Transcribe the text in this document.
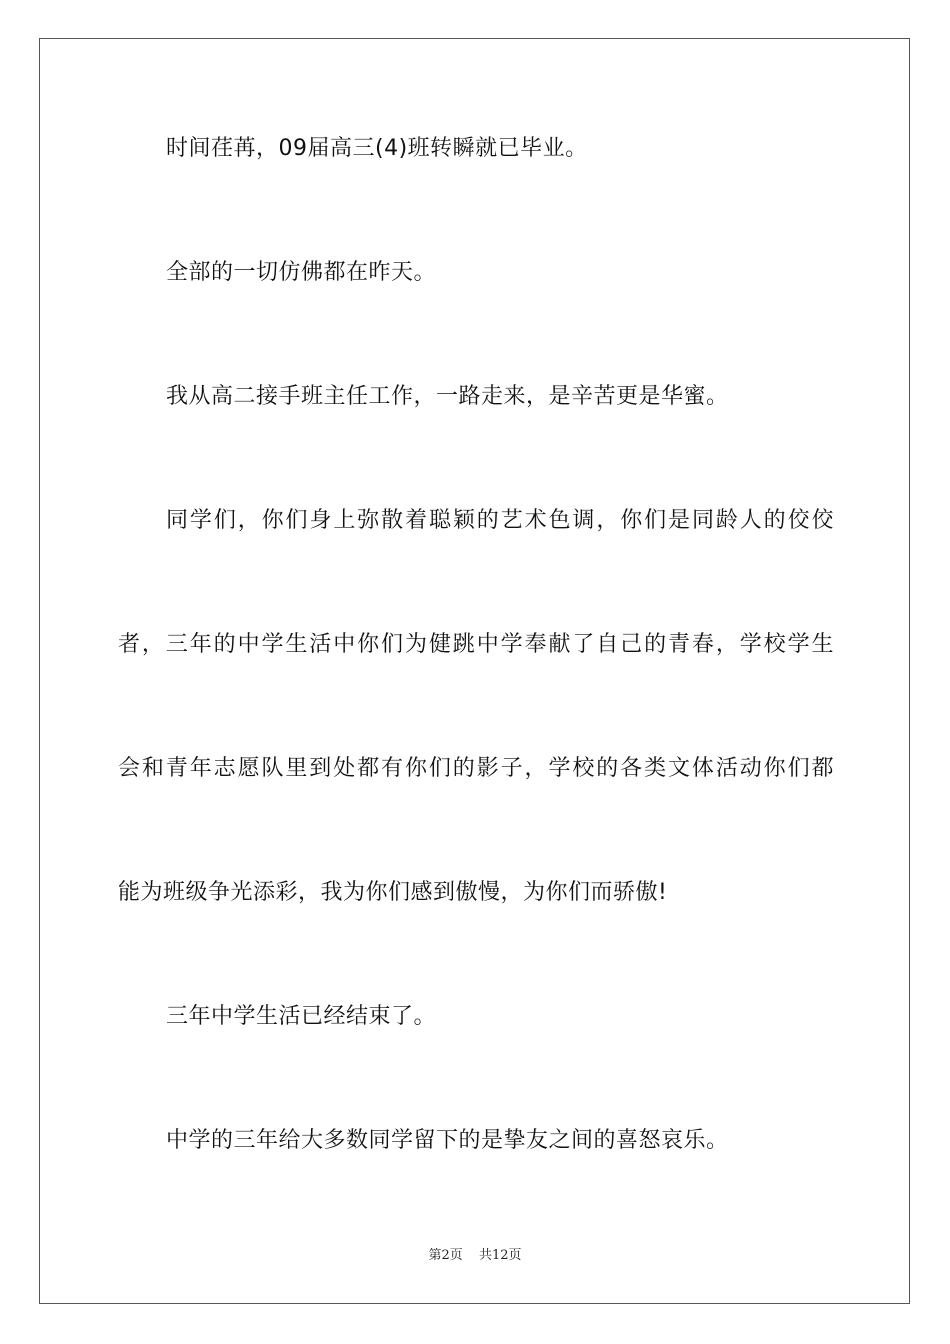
时间荏苒，09届高三(4)班转瞬就已毕业。
全部的一切仿佛都在昨天。
我从高二接手班主任工作，一路走来，是辛苦更是华蜜。
同学们，你们身上弥散着聪颖的艺术色调，你们是同龄人的佼佼
者，三年的中学生活中你们为健跳中学奉献了自己的青春，学校学生
会和青年志愿队里到处都有你们的影子，学校的各类文体活动你们都
能为班级争光添彩，我为你们感到傲慢，为你们而骄傲!
三年中学生活已经结束了。
中学的三年给大多数同学留下的是挚友之间的喜怒哀乐。
第2页 共12页
